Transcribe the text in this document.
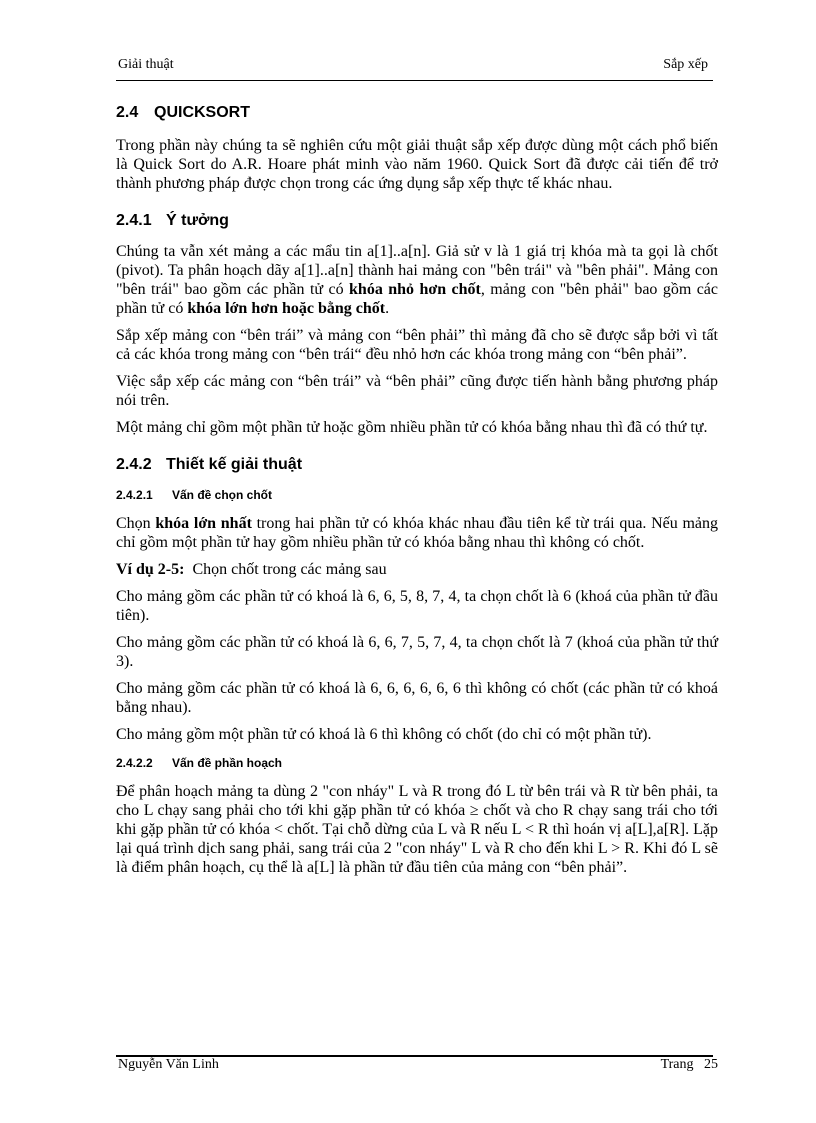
Giải thuật	Sắp xếp
2.4 QUICKSORT

Trong phần này chúng ta sẽ nghiên cứu một giải thuật sắp xếp được dùng một cách phổ biến là Quick Sort do A.R. Hoare phát minh vào năm 1960. Quick Sort đã được cải tiến để trở thành phương pháp được chọn trong các ứng dụng sắp xếp thực tế khác nhau.

2.4.1 Ý tưởng

Chúng ta vẫn xét mảng a các mẩu tin a[1]..a[n]. Giả sử v là 1 giá trị khóa mà ta gọi là chốt (pivot). Ta phân hoạch dãy a[1]..a[n] thành hai mảng con "bên trái" và "bên phải". Mảng con "bên trái" bao gồm các phần tử có khóa nhỏ hơn chốt, mảng con "bên phải" bao gồm các phần tử có khóa lớn hơn hoặc bằng chốt.

Sắp xếp mảng con “bên trái” và mảng con “bên phải” thì mảng đã cho sẽ được sắp bởi vì tất cả các khóa trong mảng con “bên trái“ đều nhỏ hơn các khóa trong mảng con “bên phải”.

Việc sắp xếp các mảng con “bên trái” và “bên phải” cũng được tiến hành bằng phương pháp nói trên.

Một mảng chỉ gồm một phần tử hoặc gồm nhiều phần tử có khóa bằng nhau thì đã có thứ tự.

2.4.2 Thiết kế giải thuật
2.4.2.1 Vấn đề chọn chốt

Chọn khóa lớn nhất trong hai phần tử có khóa khác nhau đầu tiên kể từ trái qua. Nếu mảng chỉ gồm một phần tử hay gồm nhiều phần tử có khóa bằng nhau thì không có chốt.

Ví dụ 2-5:  Chọn chốt trong các mảng sau

Cho mảng gồm các phần tử có khoá là 6, 6, 5, 8, 7, 4, ta chọn chốt là 6 (khoá của phần tử đầu tiên).

Cho mảng gồm các phần tử có khoá là 6, 6, 7, 5, 7, 4, ta chọn chốt là 7 (khoá của phần tử thứ 3).

Cho mảng gồm các phần tử có khoá là 6, 6, 6, 6, 6, 6 thì không có chốt (các phần tử có khoá bằng nhau).

Cho mảng gồm một phần tử có khoá là 6 thì không có chốt (do chỉ có một phần tử).

2.4.2.2 Vấn đề phần hoạch

Để phân hoạch mảng ta dùng 2 "con nháy" L và R trong đó L từ bên trái và R từ bên phải, ta cho L chạy sang phải cho tới khi gặp phần tử có khóa ≥ chốt và cho R chạy sang trái cho tới khi gặp phần tử có khóa < chốt. Tại chỗ dừng của L và R nếu L < R thì hoán vị a[L],a[R]. Lặp lại quá trình dịch sang phải, sang trái của 2 "con nháy" L và R cho đến khi L > R. Khi đó L sẽ là điểm phân hoạch, cụ thể là a[L] là phần tử đầu tiên của mảng con “bên phải”.

Nguyễn Văn Linh	Trang   25
